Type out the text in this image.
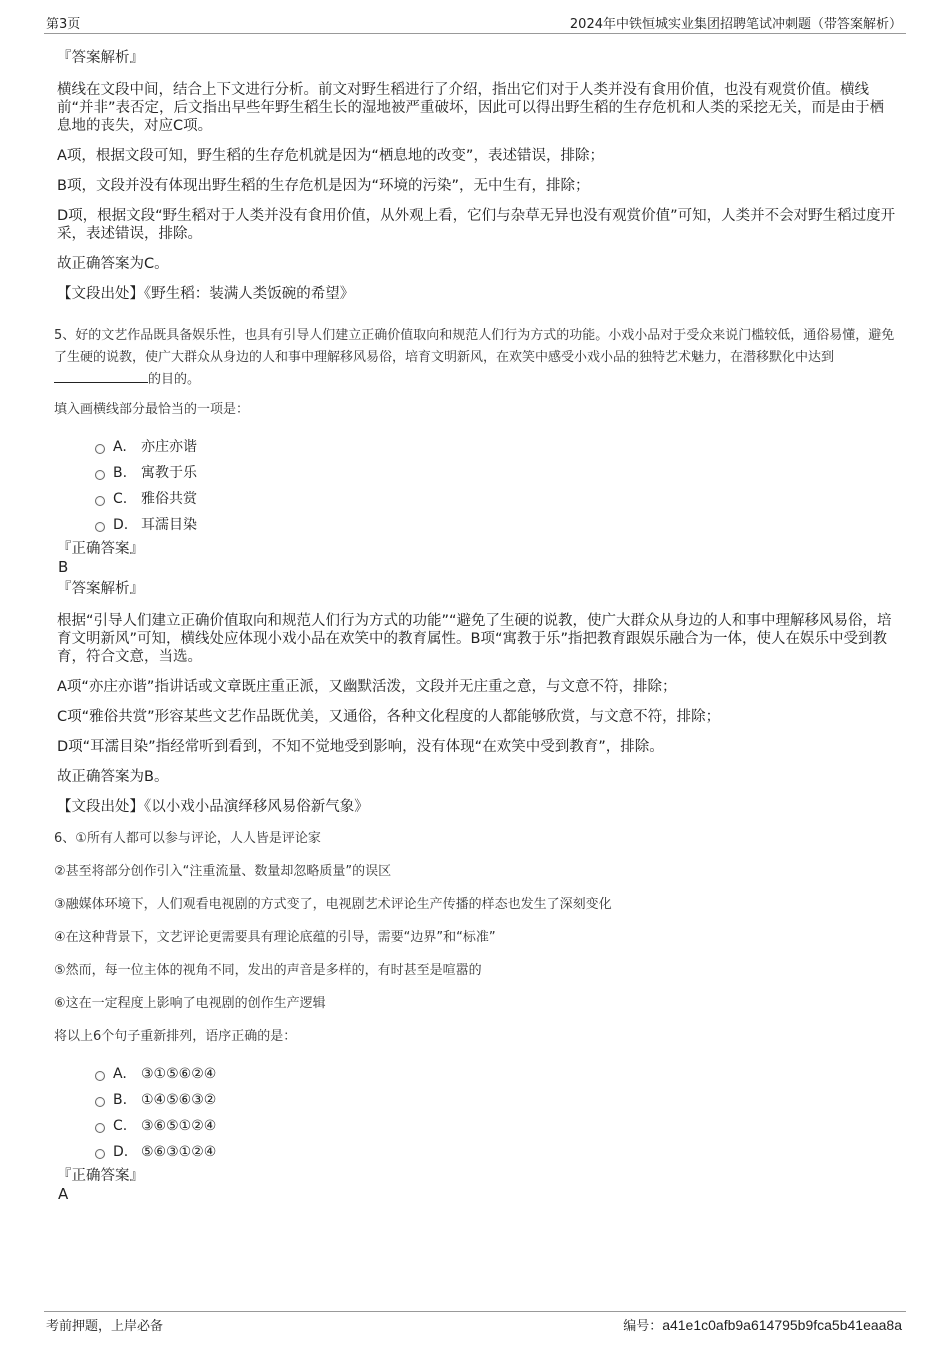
第3页	2024年中铁恒城实业集团招聘笔试冲刺题（带答案解析）

『答案解析』

横线在文段中间，结合上下文进行分析。前文对野生稻进行了介绍，指出它们对于人类并没有食用价值，也没有观赏价值。横线前“并非”表否定，后文指出早些年野生稻生长的湿地被严重破坏，因此可以得出野生稻的生存危机和人类的采挖无关，而是由于栖息地的丧失，对应C项。

A项，根据文段可知，野生稻的生存危机就是因为“栖息地的改变”，表述错误，排除；

B项，文段并没有体现出野生稻的生存危机是因为“环境的污染”，无中生有，排除；

D项，根据文段“野生稻对于人类并没有食用价值，从外观上看，它们与杂草无异也没有观赏价值”可知，人类并不会对野生稻过度开采，表述错误，排除。

故正确答案为C。

【文段出处】《野生稻：装满人类饭碗的希望》

5、好的文艺作品既具备娱乐性，也具有引导人们建立正确价值取向和规范人们行为方式的功能。小戏小品对于受众来说门槛较低，通俗易懂，避免了生硬的说教，使广大群众从身边的人和事中理解移风易俗，培育文明新风，在欢笑中感受小戏小品的独特艺术魅力，在潜移默化中达到的目的。

填入画横线部分最恰当的一项是：

A.	亦庄亦谐
B. 寓教于乐
C. 雅俗共赏
D. 耳濡目染

『正确答案』

B

『答案解析』

根据“引导人们建立正确价值取向和规范人们行为方式的功能”“避免了生硬的说教，使广大群众从身边的人和事中理解移风易俗，培育文明新风”可知，横线处应体现小戏小品在欢笑中的教育属性。B项“寓教于乐”指把教育跟娱乐融合为一体，使人在娱乐中受到教育，符合文意，当选。

A项“亦庄亦谐”指讲话或文章既庄重正派，又幽默活泼，文段并无庄重之意，与文意不符，排除；

C项“雅俗共赏”形容某些文艺作品既优美，又通俗，各种文化程度的人都能够欣赏，与文意不符，排除；

D项“耳濡目染”指经常听到看到，不知不觉地受到影响，没有体现“在欢笑中受到教育”，排除。

故正确答案为B。

【文段出处】《以小戏小品演绎移风易俗新气象》

6、①所有人都可以参与评论，人人皆是评论家

②甚至将部分创作引入“注重流量、数量却忽略质量”的误区

③融媒体环境下，人们观看电视剧的方式变了，电视剧艺术评论生产传播的样态也发生了深刻变化

④在这种背景下，文艺评论更需要具有理论底蕴的引导，需要“边界”和“标准”

⑤然而，每一位主体的视角不同，发出的声音是多样的，有时甚至是喧嚣的

⑥这在一定程度上影响了电视剧的创作生产逻辑

将以上6个句子重新排列，语序正确的是：

A.	③①⑤⑥②④
B. ①④⑤⑥③②
C. ③⑥⑤①②④
D. ⑤⑥③①②④

『正确答案』

A

考前押题，上岸必备	编号：a41e1c0afb9a614795b9fca5b41eaa8a
